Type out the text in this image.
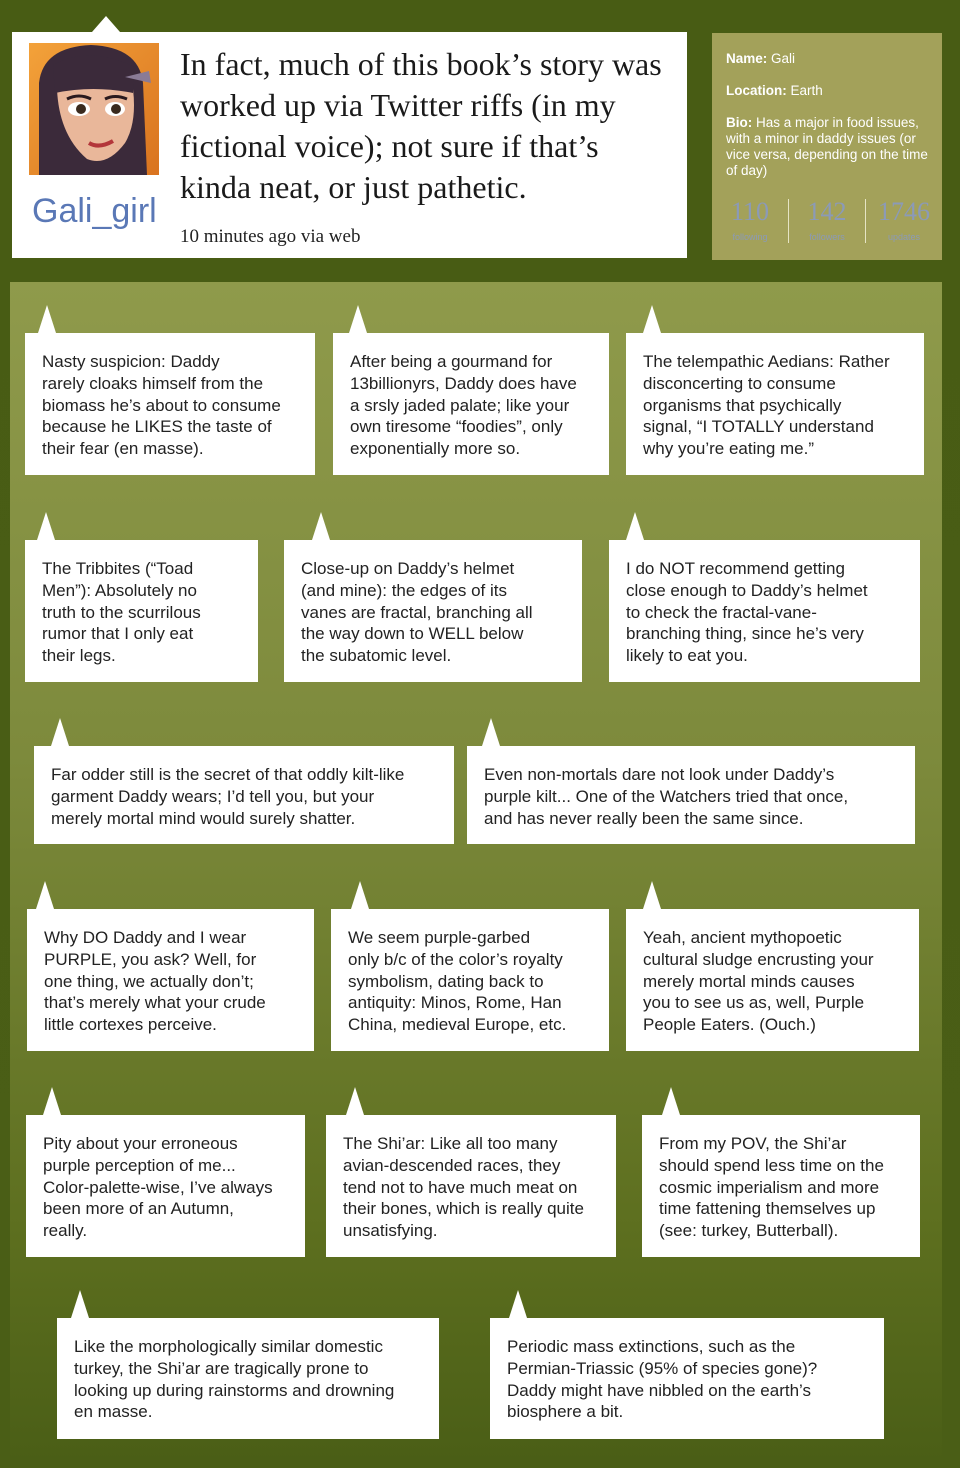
Gali_girl
In fact, much of this book’s story was worked up via Twitter riffs (in my fictional voice); not sure if that’s kinda neat, or just pathetic.
10 minutes ago via web
Name: Gali
Location: Earth
Bio: Has a major in food issues, with a minor in daddy issues (or vice versa, depending on the time of day)
110
following
142
followers
1746
updates
Nasty suspicion: Daddy
rarely cloaks himself from the
biomass he’s about to consume
because he LIKES the taste of
their fear (en masse).
After being a gourmand for
13billionyrs, Daddy does have
a srsly jaded palate; like your
own tiresome “foodies”, only
exponentially more so.
The telempathic Aedians: Rather
disconcerting to consume
organisms that psychically
signal, “I TOTALLY understand
why you’re eating me.”
The Tribbites (“Toad
Men”): Absolutely no
truth to the scurrilous
rumor that I only eat
their legs.
Close-up on Daddy’s helmet
(and mine): the edges of its
vanes are fractal, branching all
the way down to WELL below
the subatomic level.
I do NOT recommend getting
close enough to Daddy’s helmet
to check the fractal-vane-
branching thing, since he’s very
likely to eat you.
Far odder still is the secret of that oddly kilt-like
garment Daddy wears; I’d tell you, but your
merely mortal mind would surely shatter.
Even non-mortals dare not look under Daddy’s
purple kilt... One of the Watchers tried that once,
and has never really been the same since.
Why DO Daddy and I wear
PURPLE, you ask? Well, for
one thing, we actually don’t;
that’s merely what your crude
little cortexes perceive.
We seem purple-garbed
only b/c of the color’s royalty
symbolism, dating back to
antiquity: Minos, Rome, Han
China, medieval Europe, etc.
Yeah, ancient mythopoetic
cultural sludge encrusting your
merely mortal minds causes
you to see us as, well, Purple
People Eaters. (Ouch.)
Pity about your erroneous
purple perception of me...
Color-palette-wise, I’ve always
been more of an Autumn,
really.
The Shi’ar: Like all too many
avian-descended races, they
tend not to have much meat on
their bones, which is really quite
unsatisfying.
From my POV, the Shi’ar
should spend less time on the
cosmic imperialism and more
time fattening themselves up
(see: turkey, Butterball).
Like the morphologically similar domestic
turkey, the Shi’ar are tragically prone to
looking up during rainstorms and drowning
en masse.
Periodic mass extinctions, such as the
Permian-Triassic (95% of species gone)?
Daddy might have nibbled on the earth’s
biosphere a bit.
